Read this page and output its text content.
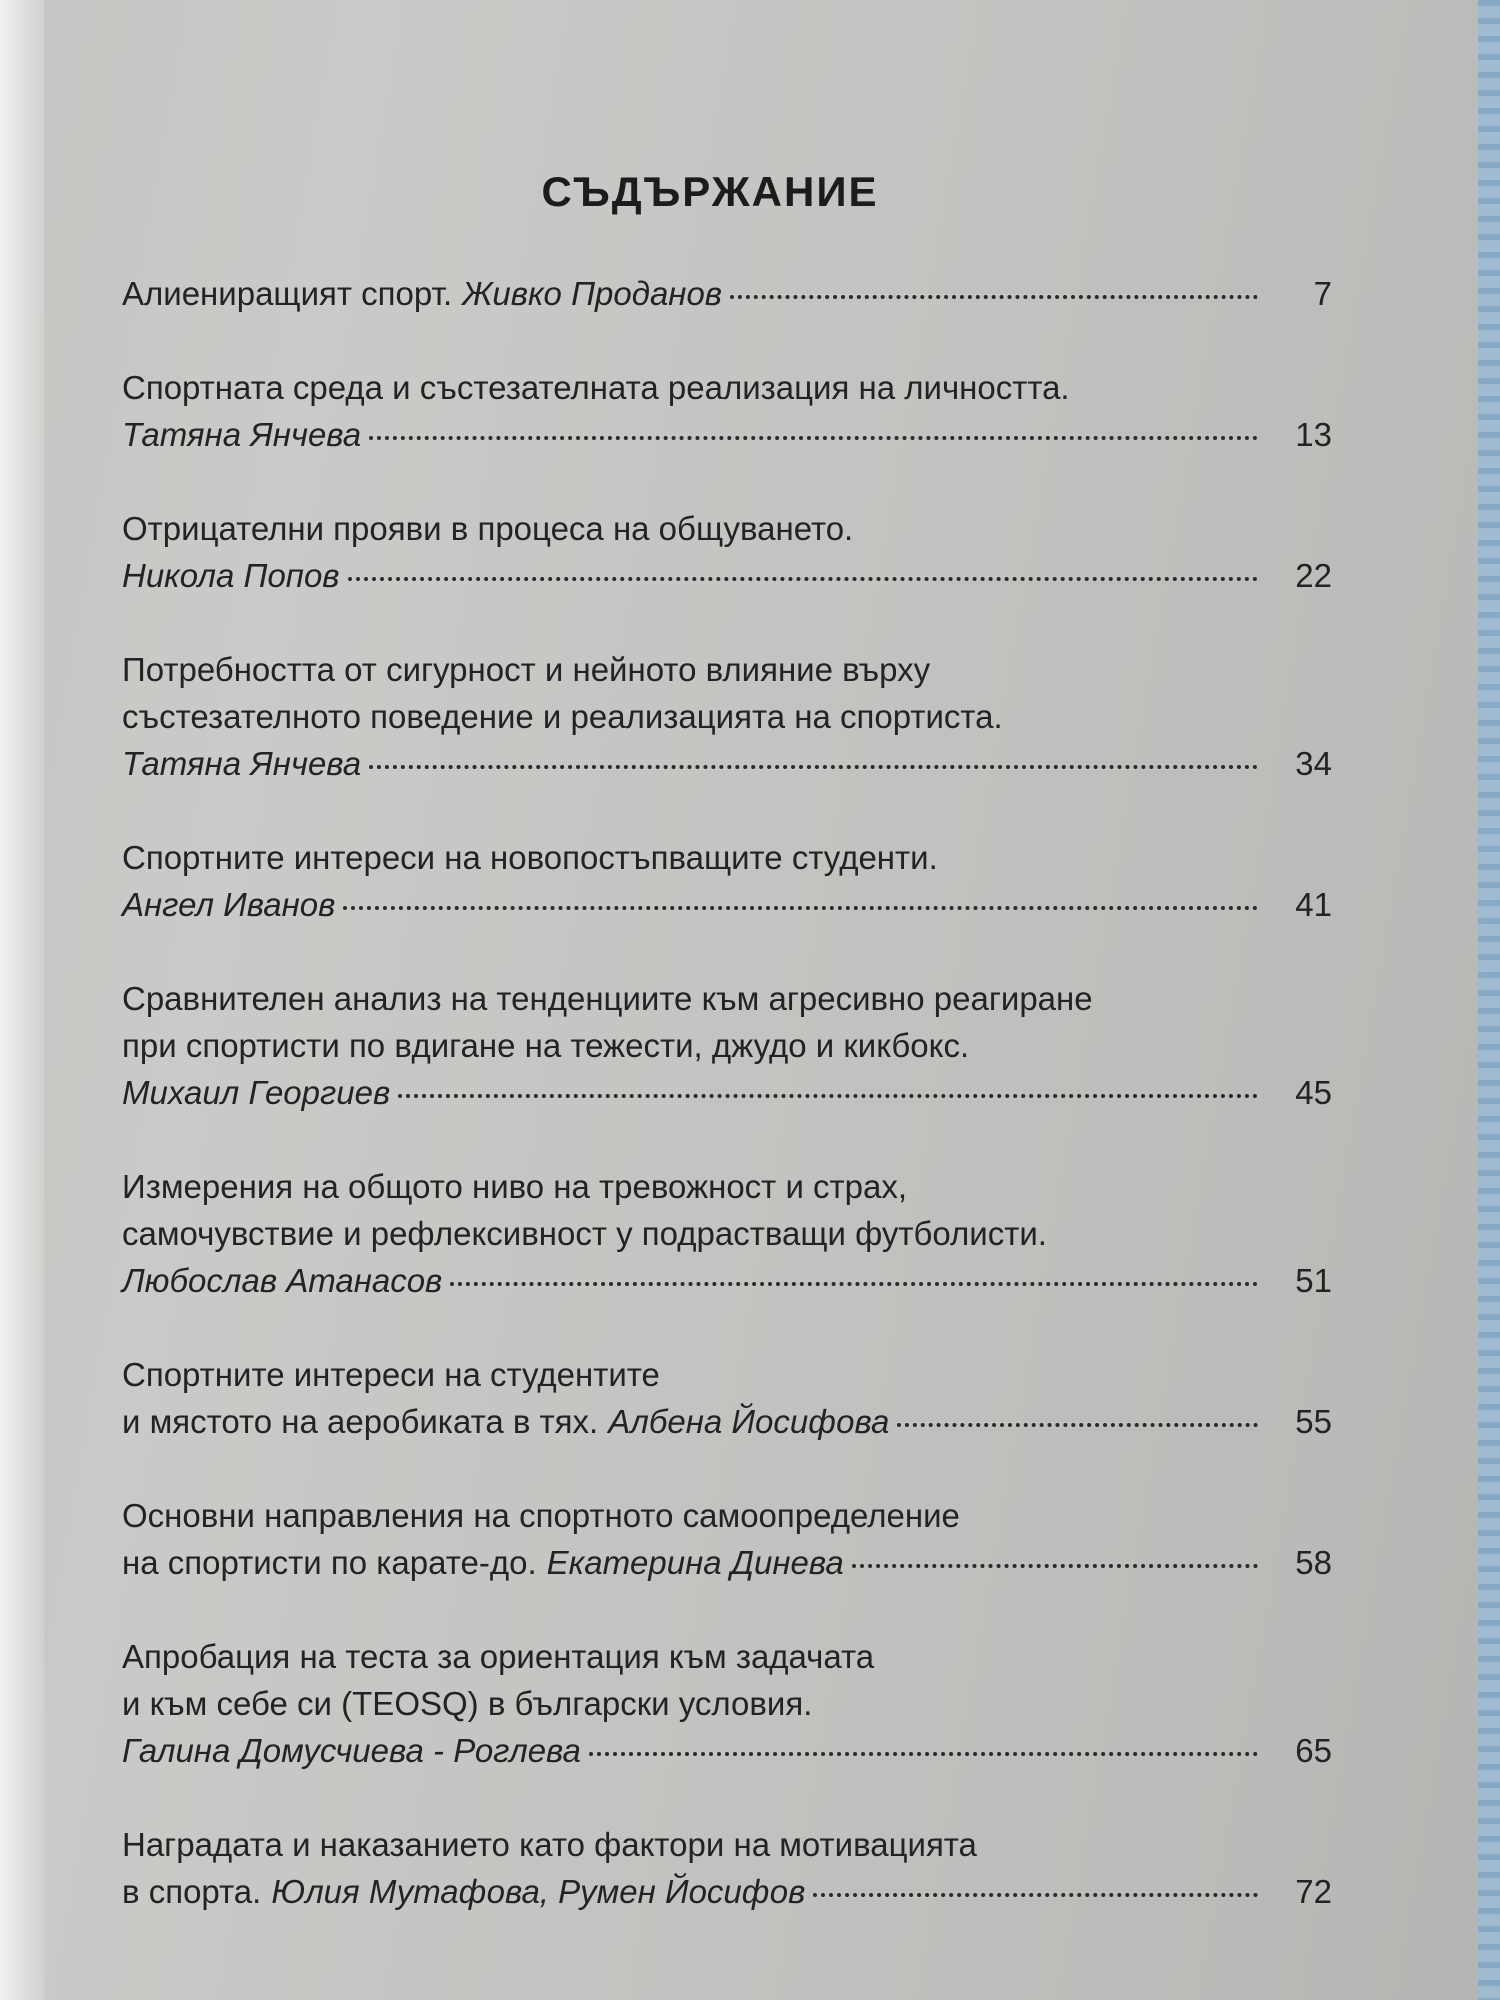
СЪДЪРЖАНИЕ
Алиениращият спорт. Живко Проданов	7
Спортната среда и състезателната реализация на личността.
Татяна Янчева	13
Отрицателни прояви в процеса на общуването.
Никола Попов	22
Потребността от сигурност и нейното влияние върху
състезателното поведение и реализацията на спортиста.
Татяна Янчева	34
Спортните интереси на новопостъпващите студенти.
Ангел Иванов	41
Сравнителен анализ на тенденциите към агресивно реагиране
при спортисти по вдигане на тежести, джудо и кикбокс.
Михаил Георгиев	45
Измерения на общото ниво на тревожност и страх,
самочувствие и рефлексивност у подрастващи футболисти.
Любослав Атанасов	51
Спортните интереси на студентите
и мястото на аеробиката в тях. Албена Йосифова	55
Основни направления на спортното самоопределение
на спортисти по карате-до. Екатерина Динева	58
Апробация на теста за ориентация към задачата
и към себе си (TEOSQ) в български условия.
Галина Домусчиева - Роглева	65
Наградата и наказанието като фактори на мотивацията
в спорта. Юлия Мутафова, Румен Йосифов	72
